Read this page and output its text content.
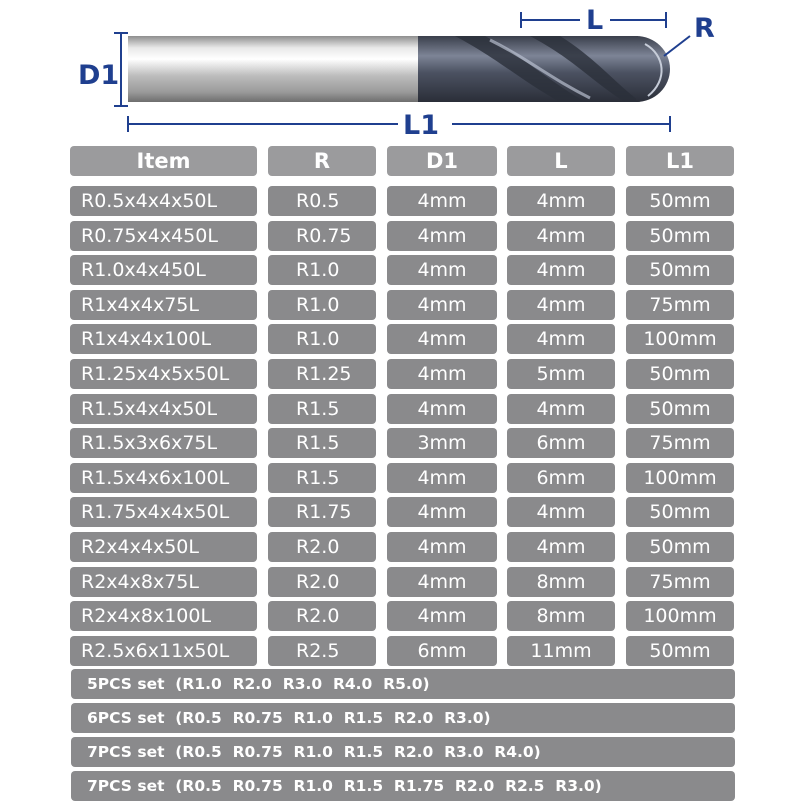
D1
L	R
L1
Item	R	D1	L	L1
R0.5x4x4x50L	R0.5	4mm	4mm	50mm
R0.75x4x450L	R0.75	4mm	4mm	50mm
R1.0x4x450L	R1.0	4mm	4mm	50mm
R1x4x4x75L	R1.0	4mm	4mm	75mm
R1x4x4x100L	R1.0	4mm	4mm	100mm
R1.25x4x5x50L	R1.25	4mm	5mm	50mm
R1.5x4x4x50L	R1.5	4mm	4mm	50mm
R1.5x3x6x75L	R1.5	3mm	6mm	75mm
R1.5x4x6x100L	R1.5	4mm	6mm	100mm
R1.75x4x4x50L	R1.75	4mm	4mm	50mm
R2x4x4x50L	R2.0	4mm	4mm	50mm
R2x4x8x75L	R2.0	4mm	8mm	75mm
R2x4x8x100L	R2.0	4mm	8mm	100mm
R2.5x6x11x50L	R2.5	6mm	11mm	50mm
5PCS set  (R1.0  R2.0  R3.0  R4.0  R5.0)
6PCS set  (R0.5  R0.75  R1.0  R1.5  R2.0  R3.0)
7PCS set  (R0.5  R0.75  R1.0  R1.5  R2.0  R3.0  R4.0)
7PCS set  (R0.5  R0.75  R1.0  R1.5  R1.75  R2.0  R2.5  R3.0)
